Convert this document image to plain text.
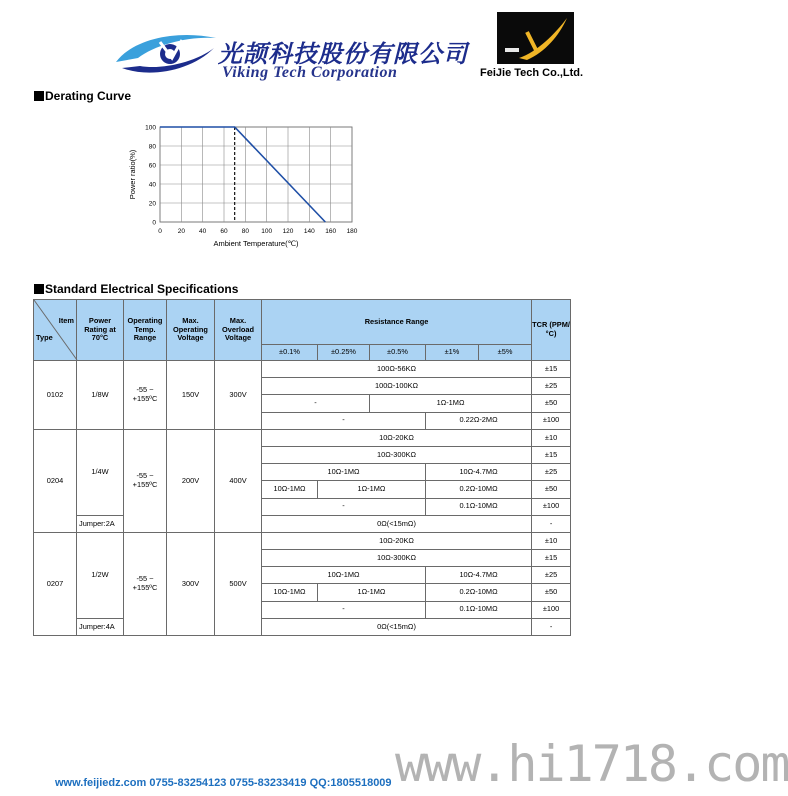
光颉科技股份有限公司
Viking Tech Corporation	FeiJie Tech Co.,Ltd.
Derating Curve
0 20 40 60 80 100 120 140 160 180
0
20
40
60
80
100
Ambient Temperature(℃)
Power ratio(%)
Standard Electrical Specifications
Item
Type	Power Rating at 70°C	Operating Temp. Range	Max. Operating Voltage	Max. Overload Voltage	Resistance Range					TCR (PPM/°C)
					±0.1%	±0.25%	±0.5%	±1%	±5%	
0102	1/8W	-55 ~ +155ºC	150V	300V	100Ω-56KΩ					±15
					100Ω-100KΩ					±25
					-		1Ω-1MΩ			±50
					-			0.22Ω-2MΩ		±100
0204	1/4W	-55 ~ +155ºC	200V	400V	10Ω-20KΩ					±10
					10Ω-300KΩ					±15
					10Ω-1MΩ			10Ω-4.7MΩ		±25
					10Ω-1MΩ	1Ω-1MΩ		0.2Ω-10MΩ		±50
					-			0.1Ω-10MΩ		±100
	Jumper:2A				0Ω(<15mΩ)					-
0207	1/2W	-55 ~ +155ºC	300V	500V	10Ω-20KΩ					±10
					10Ω-300KΩ					±15
					10Ω-1MΩ			10Ω-4.7MΩ		±25
					10Ω-1MΩ	1Ω-1MΩ		0.2Ω-10MΩ		±50
					-			0.1Ω-10MΩ		±100
	Jumper:4A				0Ω(<15mΩ)					-
www.hi1718.com
www.feijiedz.com 0755-83254123 0755-83233419 QQ:1805518009
